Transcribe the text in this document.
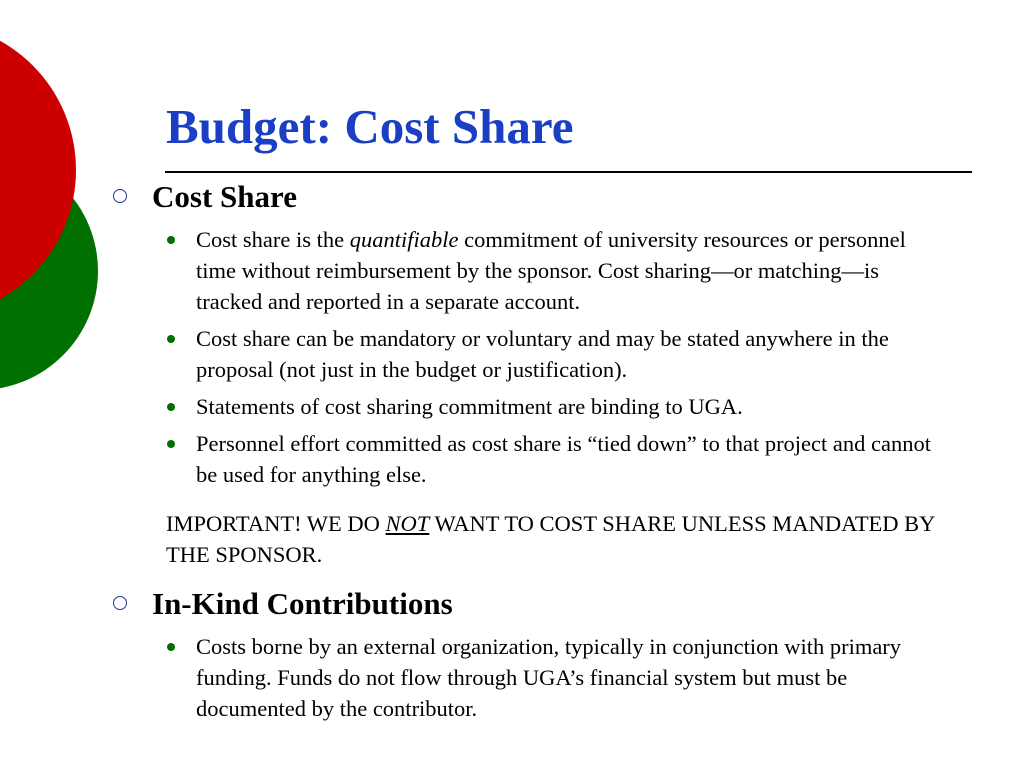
Budget: Cost Share
Cost Share
Cost share is the quantifiable commitment of university resources or personnel time without reimbursement by the sponsor. Cost sharing—or matching—is tracked and reported in a separate account.
Cost share can be mandatory or voluntary and may be stated anywhere in the proposal (not just in the budget or justification).
Statements of cost sharing commitment are binding to UGA.
Personnel effort committed as cost share is “tied down” to that project and cannot be used for anything else.
IMPORTANT! WE DO NOT WANT TO COST SHARE UNLESS MANDATED BY THE SPONSOR.
In-Kind Contributions
Costs borne by an external organization, typically in conjunction with primary funding. Funds do not flow through UGA’s financial system but must be documented by the contributor.
